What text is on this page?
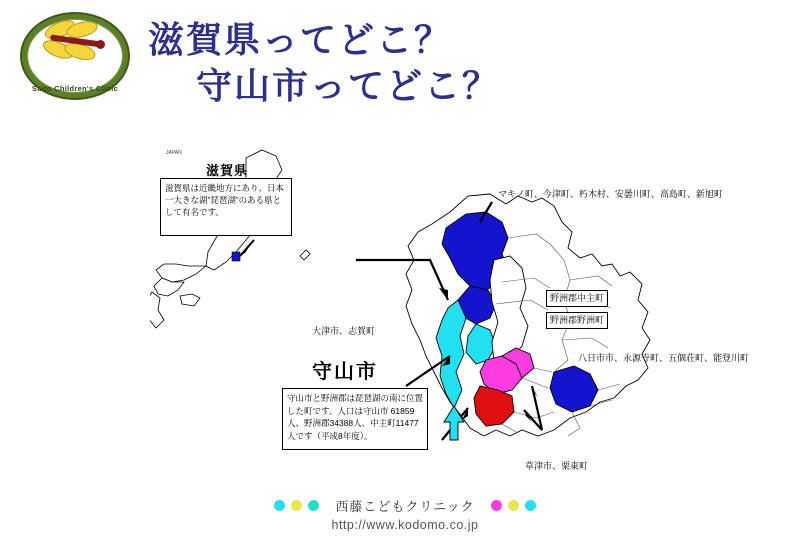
Saito Children's Clinic
滋賀県ってどこ？
守山市ってどこ？
JAPAN
滋賀県
滋賀県は近畿地方にあり、日本一大きな湖”琵琶湖”のある県として有名です。
守山市
守山市と野洲郡は琵琶湖の南に位置した町です。人口は守山市 61859人、野洲郡34388人、中主町11477人です（平成8年度）。
マキノ町、今津町、朽木村、安曇川町、高島町、新旭町
大津市、志賀町
野洲郡中主町
野洲郡野洲町
八日市市、永源寺町、五個荘町、能登川町
草津市、栗東町
西藤こどもクリニック
http://www.kodomo.co.jp
